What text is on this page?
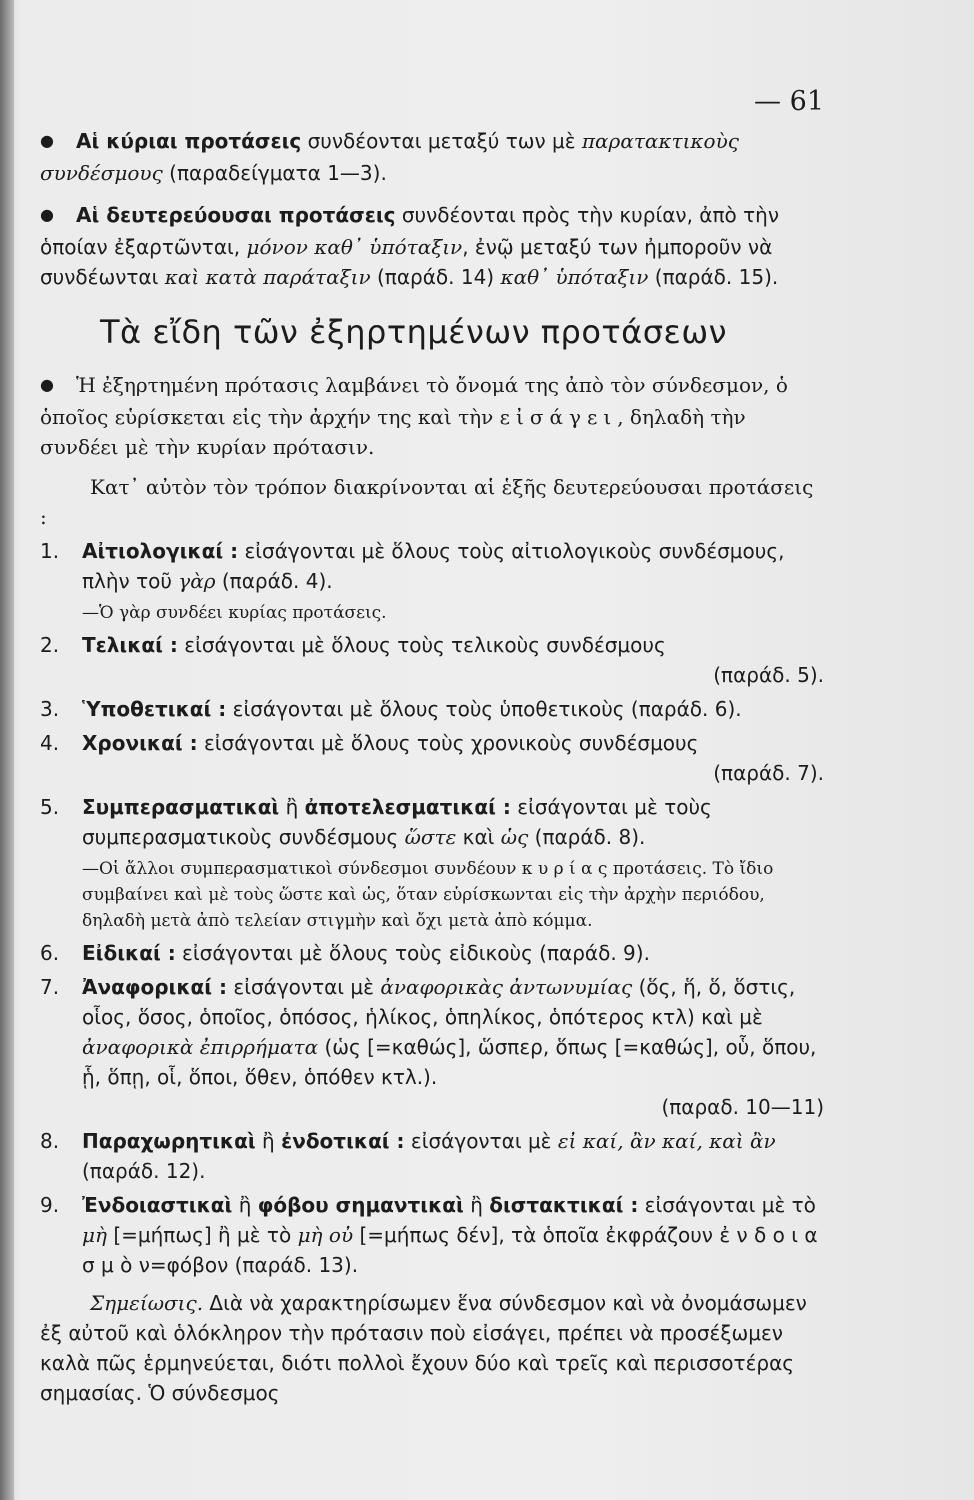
— 61

● Αἱ κύριαι προτάσεις συνδέονται μεταξύ των μὲ παρατακτικοὺς συνδέσμους (παραδείγματα 1—3).

● Αἱ δευτερεύουσαι προτάσεις συνδέονται πρὸς τὴν κυρίαν, ἀπὸ τὴν ὁποίαν ἐξαρτῶνται, μόνον καθ᾽ ὑπόταξιν, ἐνῷ μεταξύ των ἠμποροῦν νὰ συνδέωνται καὶ κατὰ παράταξιν (παράδ. 14) καθ᾽ ὑπόταξιν (παράδ. 15).

Τὰ εἴδη τῶν ἐξηρτημένων προτάσεων

● Ἡ ἐξηρτημένη πρότασις λαμβάνει τὸ ὄνομά της ἀπὸ τὸν σύνδεσμον, ὁ ὁποῖος εὑρίσκεται εἰς τὴν ἀρχήν της καὶ τὴν εἰσάγει, δηλαδὴ τὴν συνδέει μὲ τὴν κυρίαν πρότασιν.

Κατ᾽ αὐτὸν τὸν τρόπον διακρίνονται αἱ ἑξῆς δευτερεύουσαι προτάσεις :

1.	Αἰτιολογικαί : εἰσάγονται μὲ ὅλους τοὺς αἰτιολογικοὺς συνδέσμους, πλὴν τοῦ γὰρ (παράδ. 4).
—Ὁ γὰρ συνδέει κυρίας προτάσεις.
2.	Τελικαί : εἰσάγονται μὲ ὅλους τοὺς τελικοὺς συνδέσμους
(παράδ. 5).
3.	Ὑποθετικαί : εἰσάγονται μὲ ὅλους τοὺς ὑποθετικοὺς (παράδ. 6).
4.	Χρονικαί : εἰσάγονται μὲ ὅλους τοὺς χρονικοὺς συνδέσμους
(παράδ. 7).
5.	Συμπερασματικαὶ ἢ ἀποτελεσματικαί : εἰσάγονται μὲ τοὺς συμπερασματικοὺς συνδέσμους ὥστε καὶ ὡς (παράδ. 8).
—Οἱ ἄλλοι συμπερασματικοὶ σύνδεσμοι συνδέουν κ υ ρ ί α ς προτάσεις. Τὸ ἴδιο συμβαίνει καὶ μὲ τοὺς ὥστε καὶ ὡς, ὅταν εὑρίσκωνται εἰς τὴν ἀρχὴν περιόδου, δηλαδὴ μετὰ ἀπὸ τελείαν στιγμὴν καὶ ὄχι μετὰ ἀπὸ κόμμα.
6.	Εἰδικαί : εἰσάγονται μὲ ὅλους τοὺς εἰδικοὺς (παράδ. 9).
7.	Ἀναφορικαί : εἰσάγονται μὲ ἀναφορικὰς ἀντωνυμίας (ὅς, ἥ, ὅ, ὅστις, οἷος, ὅσος, ὁποῖος, ὁπόσος, ἡλίκος, ὁπηλίκος, ὁπότερος κτλ) καὶ μὲ ἀναφορικὰ ἐπιρρήματα (ὡς [=καθώς], ὥσπερ, ὅπως [=καθώς], οὗ, ὅπου, ᾗ, ὅπῃ, οἷ, ὅποι, ὅθεν, ὁπόθεν κτλ.).
(παραδ. 10—11)
8.	Παραχωρητικαὶ ἢ ἐνδοτικαί : εἰσάγονται μὲ εἰ καί, ἂν καί, καὶ ἂν (παράδ. 12).
9.	Ἐνδοιαστικαὶ ἢ φόβου σημαντικαὶ ἢ διστακτικαί : εἰσάγονται μὲ τὸ μὴ [=μήπως] ἢ μὲ τὸ μὴ οὐ [=μήπως δέν], τὰ ὁποῖα ἐκφράζουν ἐ ν δ ο ι α σ μ ὸ ν=φόβον (παράδ. 13).

Σημείωσις. Διὰ νὰ χαρακτηρίσωμεν ἕνα σύνδεσμον καὶ νὰ ὀνομάσωμεν ἐξ αὐτοῦ καὶ ὁλόκληρον τὴν πρότασιν ποὺ εἰσάγει, πρέπει νὰ προσέξωμεν καλὰ πῶς ἑρμηνεύεται, διότι πολλοὶ ἔχουν δύο καὶ τρεῖς καὶ περισσοτέρας σημασίας. Ὁ σύνδεσμος
